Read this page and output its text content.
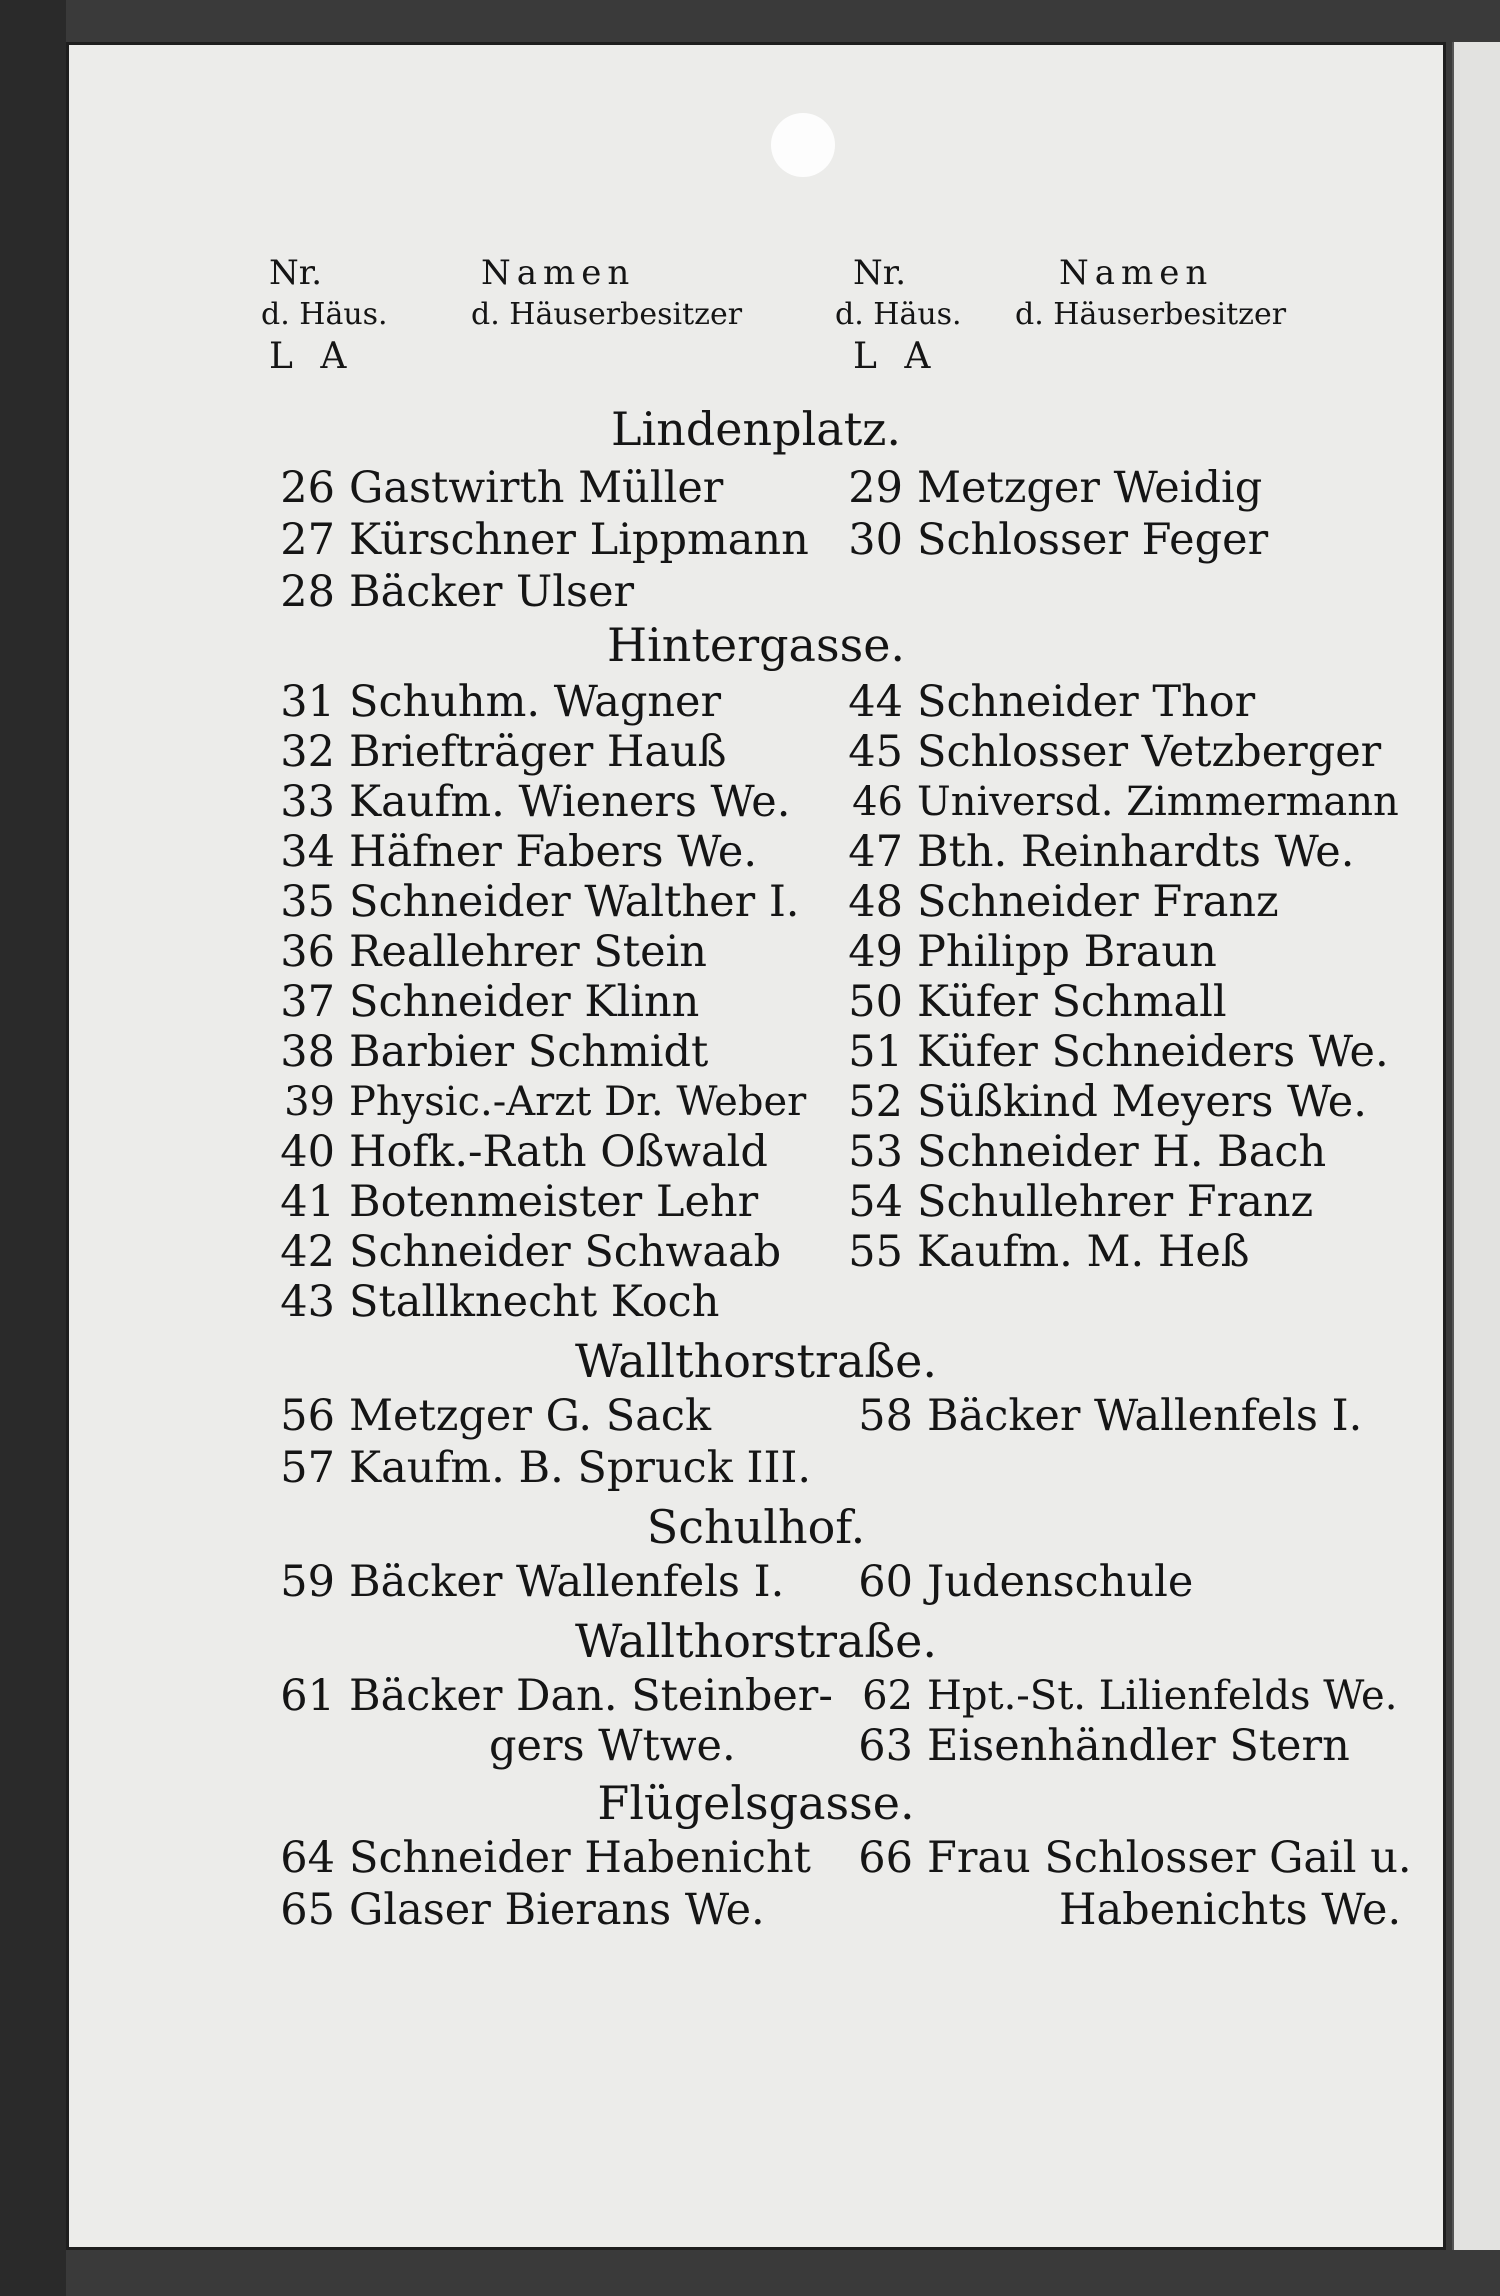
Nr.
d. Häus.
L A
Namen
d. Häuserbesitzer
Nr.
d. Häus.
L A
Namen
d. Häuserbesitzer
Lindenplatz.
26 Gastwirth Müller
27 Kürschner Lippmann
28 Bäcker Ulser
29 Metzger Weidig
30 Schlosser Feger
Hintergasse.
31 Schuhm. Wagner
32 Briefträger Hauß
33 Kaufm. Wieners We.
34 Häfner Fabers We.
35 Schneider Walther I.
36 Reallehrer Stein
37 Schneider Klinn
38 Barbier Schmidt
39 Physic.-Arzt Dr. Weber
40 Hofk.-Rath Oßwald
41 Botenmeister Lehr
42 Schneider Schwaab
43 Stallknecht Koch
44 Schneider Thor
45 Schlosser Vetzberger
46 Universd. Zimmermann
47 Bth. Reinhardts We.
48 Schneider Franz
49 Philipp Braun
50 Küfer Schmall
51 Küfer Schneiders We.
52 Süßkind Meyers We.
53 Schneider H. Bach
54 Schullehrer Franz
55 Kaufm. M. Heß
Wallthorstraße.
56 Metzger G. Sack
57 Kaufm. B. Spruck III.
58 Bäcker Wallenfels I.
Schulhof.
59 Bäcker Wallenfels I.	60 Judenschule
Wallthorstraße.
61 Bäcker Dan. Steinber-
gers Wtwe.
62 Hpt.-St. Lilienfelds We.
63 Eisenhändler Stern
Flügelsgasse.
64 Schneider Habenicht
65 Glaser Bierans We.
66 Frau Schlosser Gail u.
Habenichts We.
